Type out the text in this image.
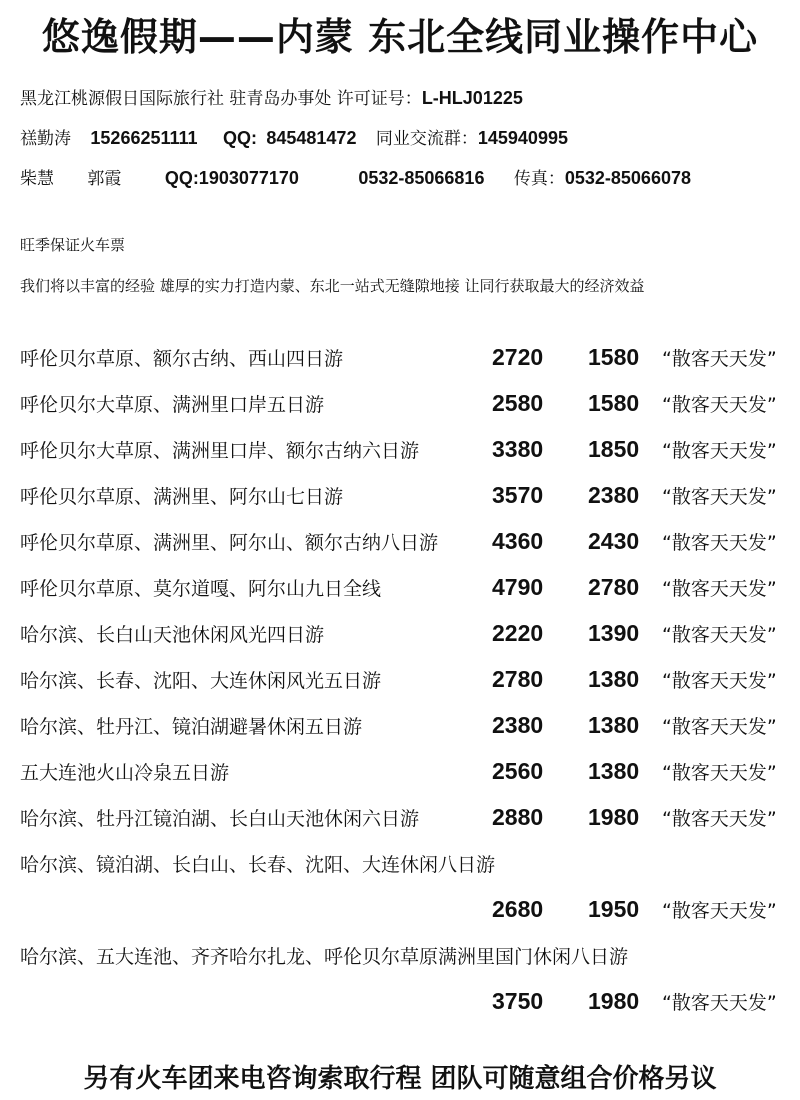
悠逸假期——内蒙 东北全线同业操作中心
黑龙江桃源假日国际旅行社 驻青岛办事处 许可证号：L-HLJ01225
禚勤涛 15266251111 QQ: 845481472 同业交流群：145940995
柴慧 郭霞 QQ:1903077170	0532-85066816 传真：0532-85066078
旺季保证火车票
我们将以丰富的经验 雄厚的实力打造内蒙、东北一站式无缝隙地接 让同行获取最大的经济效益
呼伦贝尔草原、额尔古纳、西山四日游	2720 1580 “散客天天发”
呼伦贝尔大草原、满洲里口岸五日游	2580 1580 “散客天天发”
呼伦贝尔大草原、满洲里口岸、额尔古纳六日游	3380 1850 “散客天天发”
呼伦贝尔草原、满洲里、阿尔山七日游	3570 2380 “散客天天发”
呼伦贝尔草原、满洲里、阿尔山、额尔古纳八日游 4360 2430 “散客天天发”
呼伦贝尔草原、莫尔道嘎、阿尔山九日全线	4790 2780 “散客天天发”
哈尔滨、长白山天池休闲风光四日游	2220 1390 “散客天天发”
哈尔滨、长春、沈阳、大连休闲风光五日游	2780 1380 “散客天天发”
哈尔滨、牡丹江、镜泊湖避暑休闲五日游	2380 1380 “散客天天发”
五大连池火山冷泉五日游	2560 1380 “散客天天发”
哈尔滨、牡丹江镜泊湖、长白山天池休闲六日游	2880 1980 “散客天天发”
哈尔滨、镜泊湖、长白山、长春、沈阳、大连休闲八日游
2680 1950 “散客天天发”
哈尔滨、五大连池、齐齐哈尔扎龙、呼伦贝尔草原满洲里国门休闲八日游
3750 1980 “散客天天发”
另有火车团来电咨询索取行程 团队可随意组合价格另议
